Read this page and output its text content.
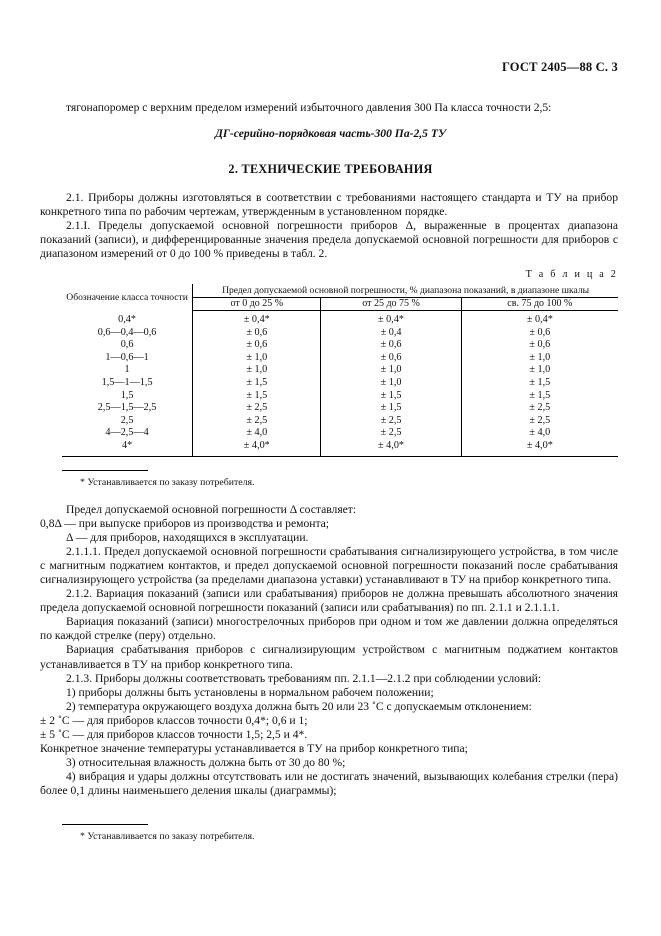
ГОСТ 2405—88 С. 3

тягонапоромер с верхним пределом измерений избыточного давления 300 Па класса точности 2,5:

ДГ-серийно-порядковая часть-300 Па-2,5 ТУ
2. ТЕХНИЧЕСКИЕ ТРЕБОВАНИЯ

2.1. Приборы должны изготовляться в соответствии с требованиями настоящего стандарта и ТУ на прибор конкретного типа по рабочим чертежам, утвержденным в установленном порядке.

2.1.I. Пределы допускаемой основной погрешности приборов Δ, выраженные в процентах диапазона показаний (записи), и дифференцированные значения предела допускаемой основной погрешности для приборов с диапазоном измерений от 0 до 100 % приведены в табл. 2.

Т а б л и ц а 2
Обозначение класса точности	Предел допускаемой основной погрешности, % диапазона показаний, в диапазоне шкалы		
	от 0 до 25 %	от 25 до 75 %	св. 75 до 100 %
0,4*	± 0,4*	± 0,4*	± 0,4*
0,6—0,4—0,6	± 0,6	± 0,4	± 0,6
0,6	± 0,6	± 0,6	± 0,6
1—0,6—1	± 1,0	± 0,6	± 1,0
1	± 1,0	± 1,0	± 1,0
1,5—1—1,5	± 1,5	± 1,0	± 1,5
1,5	± 1,5	± 1,5	± 1,5
2,5—1,5—2,5	± 2,5	± 1,5	± 2,5
2,5	± 2,5	± 2,5	± 2,5
4—2,5—4	± 4,0	± 2,5	± 4,0
4*	± 4,0*	± 4,0*	± 4,0*
* Устанавливается по заказу потребителя.

Предел допускаемой основной погрешности Δ составляет:

0,8Δ — при выпуске приборов из производства и ремонта;

Δ — для приборов, находящихся в эксплуатации.

2.1.1.1. Предел допускаемой основной погрешности срабатывания сигнализирующего устройства, в том числе с магнитным поджатием контактов, и предел допускаемой основной погрешности показаний после срабатывания сигнализирующего устройства (за пределами диапазона уставки) устанавливают в ТУ на прибор конкретного типа.

2.1.2. Вариация показаний (записи или срабатывания) приборов не должна превышать абсолютного значения предела допускаемой основной погрешности показаний (записи или срабатывания) по пп. 2.1.1 и 2.1.1.1.

Вариация показаний (записи) многострелочных приборов при одном и том же давлении должна определяться по каждой стрелке (перу) отдельно.

Вариация срабатывания приборов с сигнализирующим устройством с магнитным поджатием контактов устанавливается в ТУ на прибор конкретного типа.

2.1.3. Приборы должны соответствовать требованиям пп. 2.1.1—2.1.2 при соблюдении условий:

1) приборы должны быть установлены в нормальном рабочем положении;

2) температура окружающего воздуха должна быть 20 или 23 ˚С с допускаемым отклонением:

± 2 ˚С — для приборов классов точности 0,4*; 0,6 и 1;

± 5 ˚С — для приборов классов точности 1,5; 2,5 и 4*.

Конкретное значение температуры устанавливается в ТУ на прибор конкретного типа;

3) относительная влажность должна быть от 30 до 80 %;

4) вибрация и удары должны отсутствовать или не достигать значений, вызывающих колебания стрелки (пера) более 0,1 длины наименьшего деления шкалы (диаграммы);

* Устанавливается по заказу потребителя.
